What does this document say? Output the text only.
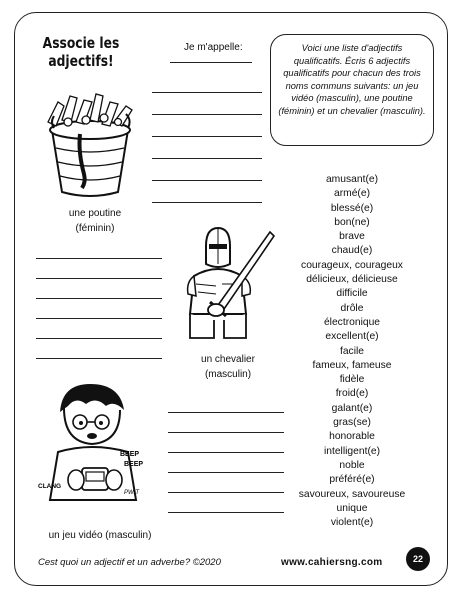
Associe les adjectifs!
Je m'appelle:	Voici une liste d'adjectifs qualificatifs. Écris 6 adjectifs qualificatifs pour chacun des trois noms communs suivants: un jeu vidéo (masculin), une poutine (féminin) et un chevalier (masculin).
une poutine
(féminin)
un chevalier
(masculin)
BEEP
BEEP
CLANG
PWIT
un jeu vidéo (masculin)
amusant(e)
armé(e)
blessé(e)
bon(ne)
brave
chaud(e)
courageux, courageux
délicieux, délicieuse
difficile
drôle
électronique
excellent(e)
facile
fameux, fameuse
fidèle
froid(e)
galant(e)
gras(se)
honorable
intelligent(e)
noble
préféré(e)
savoureux, savoureuse
unique
violent(e)
Cest quoi un adjectif et un adverbe? ©2020	www.cahiersng.com	22
